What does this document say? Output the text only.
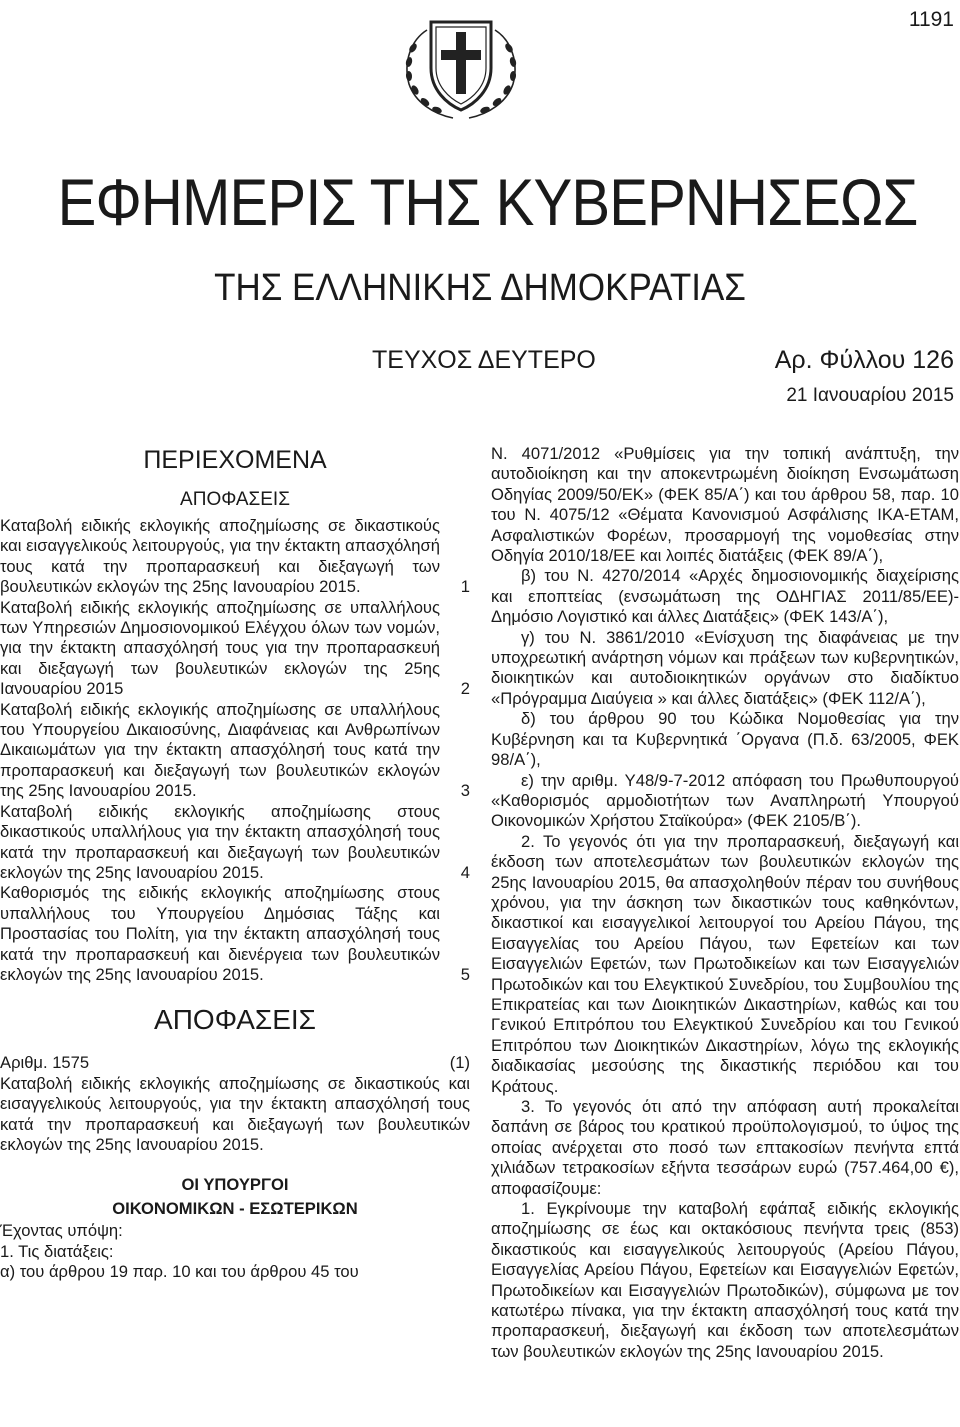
1191
ΕΦΗΜΕΡΙΣ ΤΗΣ ΚΥΒΕΡΝΗΣΕΩΣ
ΤΗΣ ΕΛΛΗΝΙΚΗΣ ΔΗΜΟΚΡΑΤΙΑΣ
ΤΕΥΧΟΣ ΔΕΥΤΕΡΟ	Αρ. Φύλλου 126
21 Ιανουαρίου 2015
ΠΕΡΙΕΧΟΜΕΝΑ
ΑΠΟΦΑΣΕΙΣ
Καταβολή ειδικής εκλογικής αποζημίωσης σε δικαστικούς και εισαγγελικούς λειτουργούς, για την έκτακτη απασχόλησή τους κατά την προπαρασκευή και διεξαγωγή των βουλευτικών εκλογών της 25ης Ιανουαρίου 2015.	1
Καταβολή ειδικής εκλογικής αποζημίωσης σε υπαλλήλους των Υπηρεσιών Δημοσιονομικού Ελέγχου όλων των νομών, για την έκτακτη απασχόλησή τους για την προπαρασκευή και διεξαγωγή των βουλευτικών εκλογών της 25ης Ιανουαρίου 2015	2
Καταβολή ειδικής εκλογικής αποζημίωσης σε υπαλλήλους του Υπουργείου Δικαιοσύνης, Διαφάνειας και Ανθρωπίνων Δικαιωμάτων για την έκτακτη απασχόλησή τους κατά την προπαρασκευή και διεξαγωγή των βουλευτικών εκλογών της 25ης Ιανουαρίου 2015.	3
Καταβολή ειδικής εκλογικής αποζημίωσης στους δικαστικούς υπαλλήλους για την έκτακτη απασχόλησή τους κατά την προπαρασκευή και διεξαγωγή των βουλευτικών εκλογών της 25ης Ιανουαρίου 2015.	4
Καθορισμός της ειδικής εκλογικής αποζημίωσης στους υπαλλήλους του Υπουργείου Δημόσιας Τάξης και Προστασίας του Πολίτη, για την έκτακτη απασχόλησή τους κατά την προπαρασκευή και διενέργεια των βουλευτικών εκλογών της 25ης Ιανουαρίου 2015.	5
ΑΠΟΦΑΣΕΙΣ
Αριθμ. 1575	(1)

Καταβολή ειδικής εκλογικής αποζημίωσης σε δικαστικούς και εισαγγελικούς λειτουργούς, για την έκτακτη απασχόλησή τους κατά την προπαρασκευή και διεξαγωγή των βουλευτικών εκλογών της 25ης Ιανουαρίου 2015.

ΟΙ ΥΠΟΥΡΓΟΙ
ΟΙΚΟΝΟΜΙΚΩΝ - ΕΣΩΤΕΡΙΚΩΝ

Έχοντας υπόψη:

1. Τις διατάξεις:

α) του άρθρου 19 παρ. 10 και του άρθρου 45 του

Ν. 4071/2012 «Ρυθμίσεις για την τοπική ανάπτυξη, την αυτοδιοίκηση και την αποκεντρωμένη διοίκηση Ενσωμάτωση Οδηγίας 2009/50/ΕΚ» (ΦΕΚ 85/Α΄) και του άρθρου 58, παρ. 10 του Ν. 4075/12 «Θέματα Κανονισμού Ασφάλισης ΙΚΑ-ΕΤΑΜ, Ασφαλιστικών Φορέων, προσαρμογή της νομοθεσίας στην Οδηγία 2010/18/ΕΕ και λοιπές διατάξεις (ΦΕΚ 89/Α΄),

β) του Ν. 4270/2014 «Αρχές δημοσιονομικής διαχείρισης και εποπτείας (ενσωμάτωση της ΟΔΗΓΙΑΣ 2011/85/ΕΕ)- Δημόσιο Λογιστικό και άλλες Διατάξεις» (ΦΕΚ 143/Α΄),

γ) του Ν. 3861/2010 «Ενίσχυση της διαφάνειας με την υποχρεωτική ανάρτηση νόμων και πράξεων των κυβερνητικών, διοικητικών και αυτοδιοικητικών οργάνων στο διαδίκτυο «Πρόγραμμα Διαύγεια » και άλλες διατάξεις» (ΦΕΚ 112/Α΄),

δ) του άρθρου 90 του Κώδικα Νομοθεσίας για την Κυβέρνηση και τα Κυβερνητικά ΄Οργανα (Π.δ. 63/2005, ΦΕΚ 98/Α΄),

ε) την αριθμ. Υ48/9-7-2012 απόφαση του Πρωθυπουργού «Καθορισμός αρμοδιοτήτων των Αναπληρωτή Υπουργού Οικονομικών Χρήστου Σταϊκούρα» (ΦΕΚ 2105/Β΄).

2. Το γεγονός ότι για την προπαρασκευή, διεξαγωγή και έκδοση των αποτελεσμάτων των βουλευτικών εκλογών της 25ης Ιανουαρίου 2015, θα απασχοληθούν πέραν του συνήθους χρόνου, για την άσκηση των δικαστικών τους καθηκόντων, δικαστικοί και εισαγγελικοί λειτουργοί του Αρείου Πάγου, της Εισαγγελίας του Αρείου Πάγου, των Εφετείων και των Εισαγγελιών Εφετών, των Πρωτοδικείων και των Εισαγγελιών Πρωτοδικών και του Ελεγκτικού Συνεδρίου, του Συμβουλίου της Επικρατείας και των Διοικητικών Δικαστηρίων, καθώς και του Γενικού Επιτρόπου του Ελεγκτικού Συνεδρίου και του Γενικού Επιτρόπου των Διοικητικών Δικαστηρίων, λόγω της εκλογικής διαδικασίας μεσούσης της δικαστικής περιόδου και του Κράτους.

3. Το γεγονός ότι από την απόφαση αυτή προκαλείται δαπάνη σε βάρος του κρατικού προϋπολογισμού, το ύψος της οποίας ανέρχεται στο ποσό των επτακοσίων πενήντα επτά χιλιάδων τετρακοσίων εξήντα τεσσάρων ευρώ (757.464,00 €), αποφασίζουμε:

1. Εγκρίνουμε την καταβολή εφάπαξ ειδικής εκλογικής αποζημίωσης σε έως και οκτακόσιους πενήντα τρεις (853) δικαστικούς και εισαγγελικούς λειτουργούς (Αρείου Πάγου, Εισαγγελίας Αρείου Πάγου, Εφετείων και Εισαγγελιών Εφετών, Πρωτοδικείων και Εισαγγελιών Πρωτοδικών), σύμφωνα με τον κατωτέρω πίνακα, για την έκτακτη απασχόλησή τους κατά την προπαρασκευή, διεξαγωγή και έκδοση των αποτελεσμάτων των βουλευτικών εκλογών της 25ης Ιανουαρίου 2015.
